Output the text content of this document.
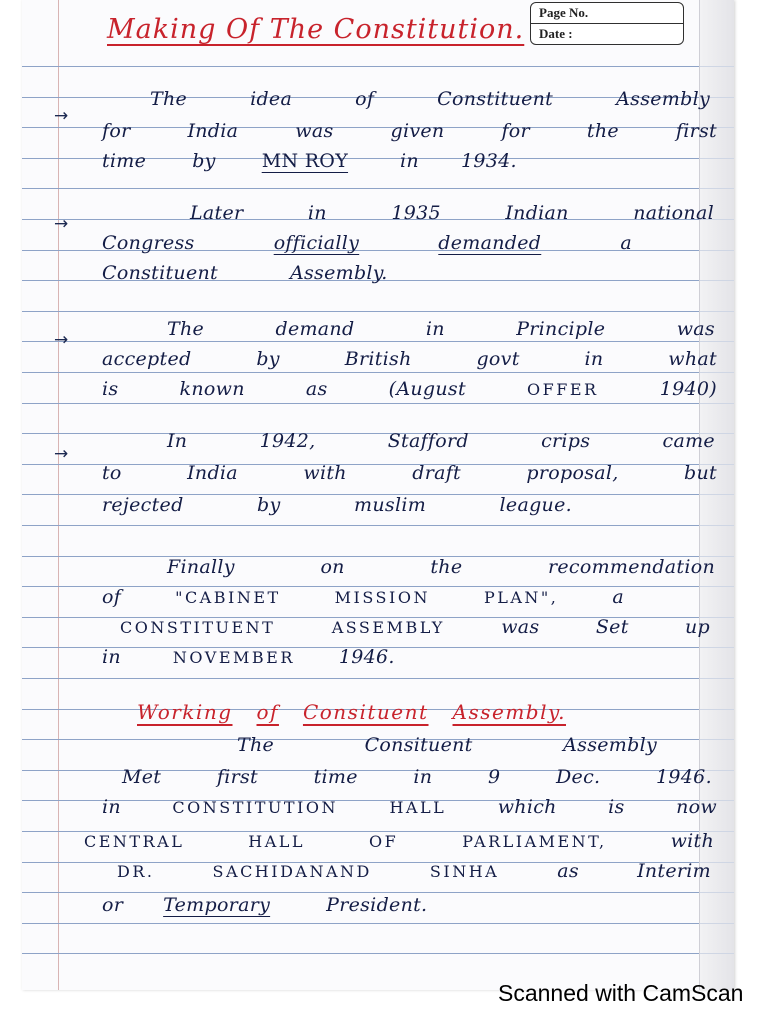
Page No.
Date :
Making Of The Constitution.
→
→
→
→
The	idea	of	Constituent	Assembly
for	India	was	given	for	the	first
time by MN ROY	in 1934.
Later	in	1935	Indian	national
Congress	officially	demanded	a
Constituent	Assembly.
The	demand	in	Principle	was
accepted	by	British	govt	in	what
is	known	as	(August	OFFER	1940)
In	1942,	Stafford	crips	came
to	India	with	draft	proposal,	but
rejected	by	muslim	league.
Finally	on	the	recommendation
of	"CABINET	MISSION	PLAN",	a
CONSTITUENT	ASSEMBLY	was	Set	up
in	NOVEMBER 1946.
Working of Consituent Assembly.
The	Consituent	Assembly
Met	first	time	in	9	Dec.	1946.
in	CONSTITUTION	HALL	which	is	now
CENTRAL	HALL	OF	PARLIAMENT,	with
DR.	SACHIDANAND	SINHA	as	Interim
or Temporary	President.
Scanned with CamScan
